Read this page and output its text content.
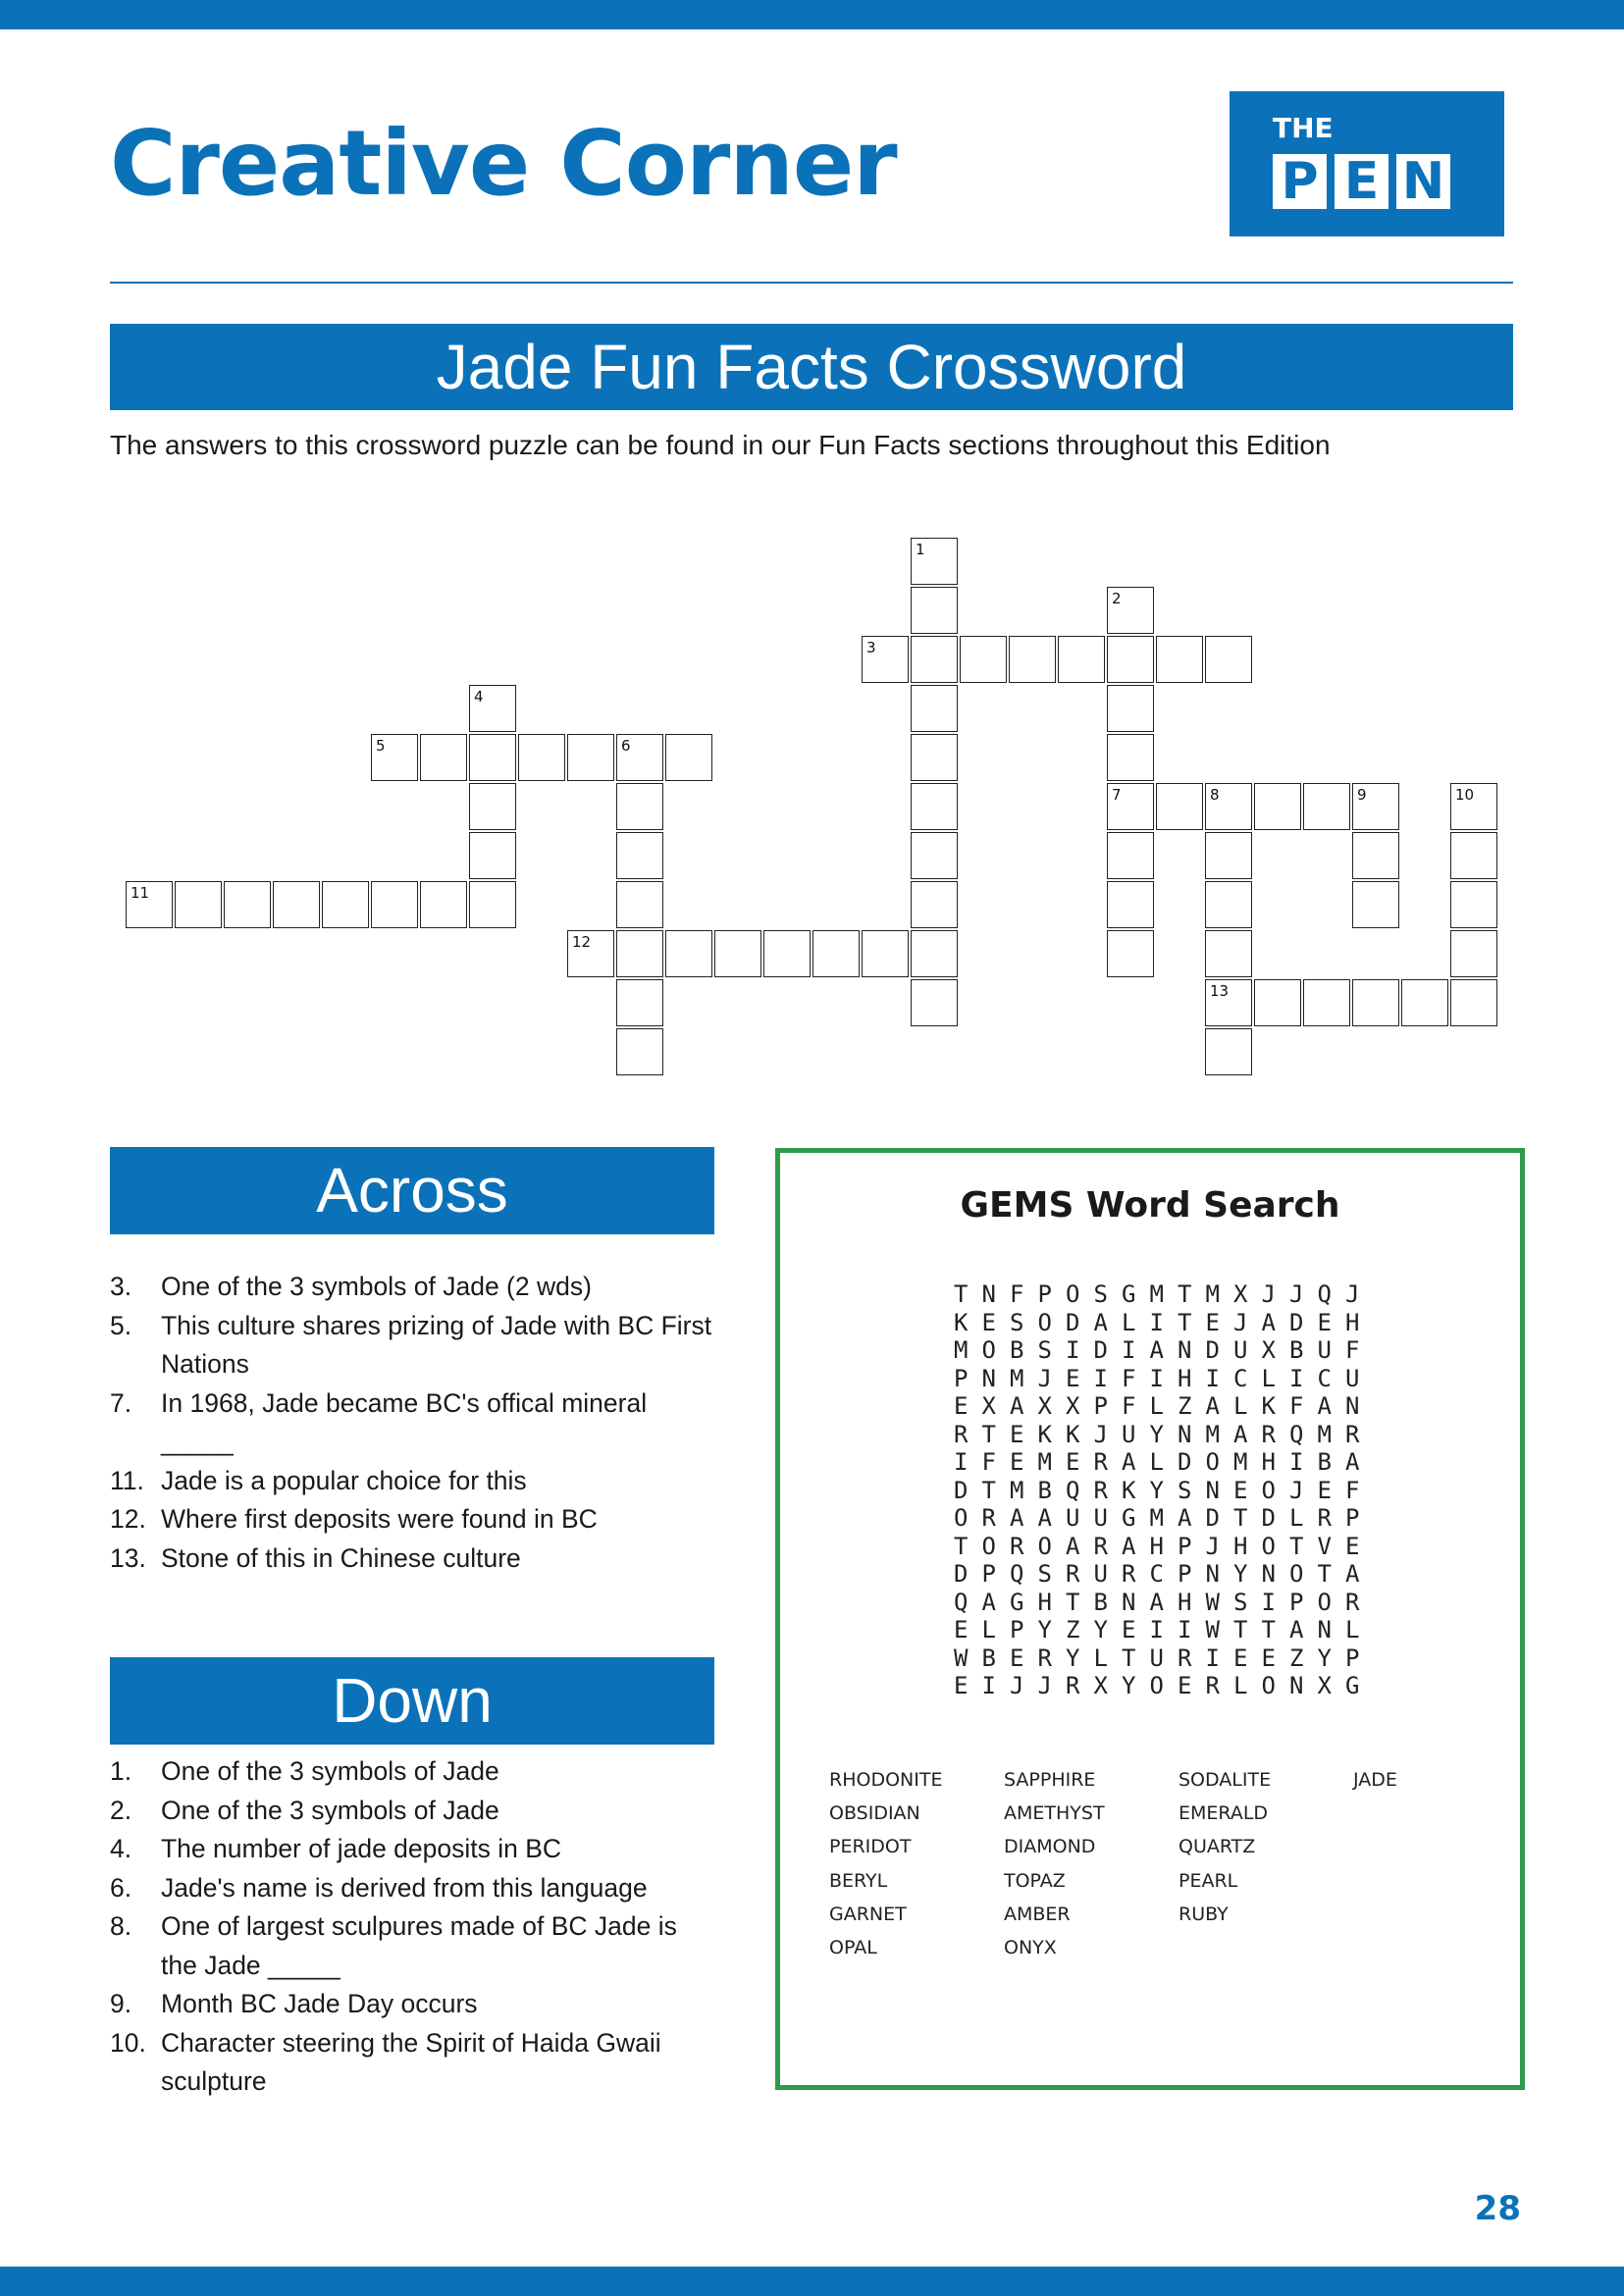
Creative Corner	THE
P E N
Jade Fun Facts Crossword
The answers to this crossword puzzle can be found in our Fun Facts sections throughout this Edition
1
2
7
3
4
5	6
8	9
13
10
11
12
Across
3. One of the 3 symbols of Jade (2 wds)
5. This culture shares prizing of Jade with BC First Nations
7. In 1968, Jade became BC's offical mineral _____
11. Jade is a popular choice for this
12. Where first deposits were found in BC
13. Stone of this in Chinese culture
Down
1. One of the 3 symbols of Jade
2. One of the 3 symbols of Jade
4. The number of jade deposits in BC
6. Jade's name is derived from this language
8. One of largest sculpures made of BC Jade is the Jade _____
9. Month BC Jade Day occurs
10. Character steering the Spirit of Haida Gwaii sculpture
GEMS Word Search
T N F P O S G M T M X J J Q J
K E S O D A L I T E J A D E H
M O B S I D I A N D U X B U F
P N M J E I F I H I C L I C U
E X A X X P F L Z A L K F A N
R T E K K J U Y N M A R Q M R
I F E M E R A L D O M H I B A
D T M B Q R K Y S N E O J E F
O R A A U U G M A D T D L R P
T O R O A R A H P J H O T V E
D P Q S R U R C P N Y N O T A
Q A G H T B N A H W S I P O R
E L P Y Z Y E I I W T T A N L
W B E R Y L T U R I E E Z Y P
E I J J R X Y O E R L O N X G
RHODONITE
OBSIDIAN
PERIDOT
BERYL
GARNET
OPAL
SAPPHIRE
AMETHYST
DIAMOND
TOPAZ
AMBER
ONYX
SODALITE
EMERALD
QUARTZ
PEARL
RUBY
JADE
28
